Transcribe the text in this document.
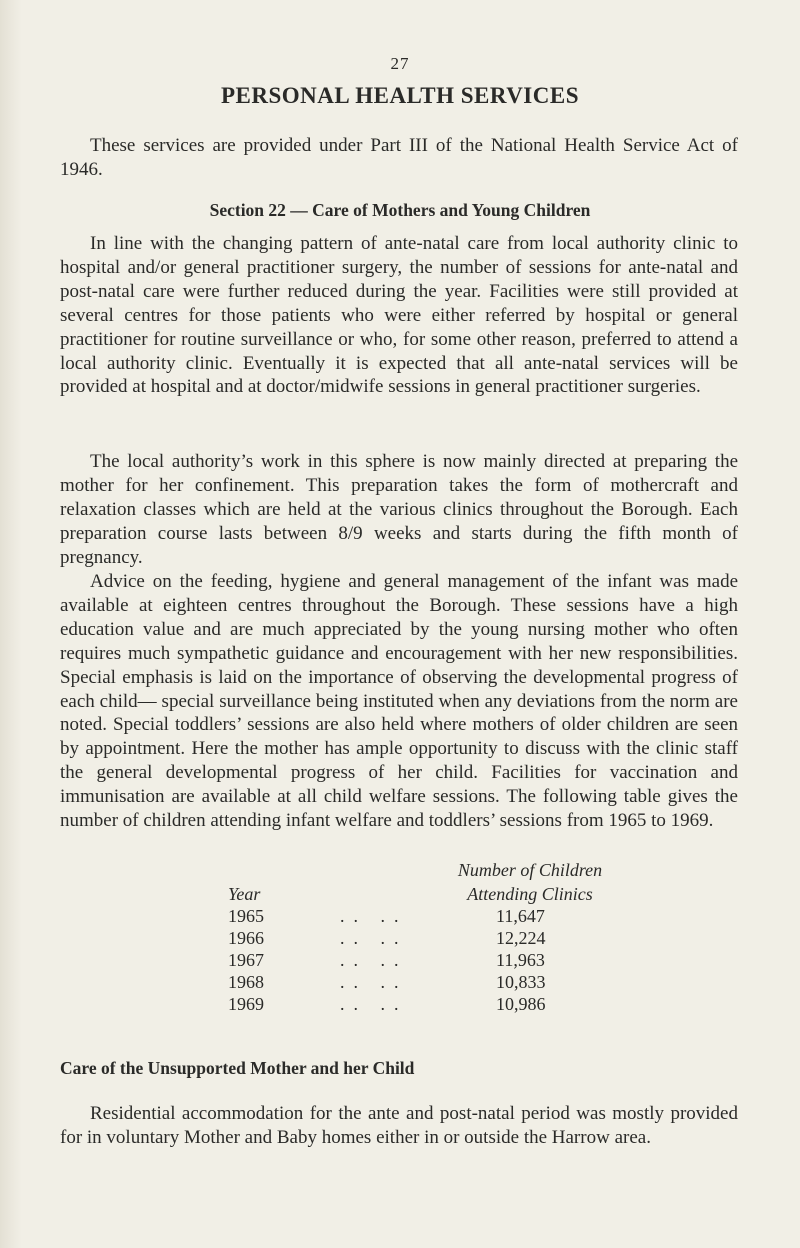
27
PERSONAL HEALTH SERVICES

These services are provided under Part III of the National Health Service Act of 1946.

Section 22 — Care of Mothers and Young Children

In line with the changing pattern of ante-natal care from local authority clinic to hospital and/or general practitioner surgery, the number of sessions for ante-natal and post-natal care were further reduced during the year. Facilities were still provided at several centres for those patients who were either referred by hospital or general practitioner for routine surveillance or who, for some other reason, preferred to attend a local authority clinic. Eventually it is expected that all ante-natal services will be provided at hospital and at doctor/midwife sessions in general practitioner surgeries.

The local authority’s work in this sphere is now mainly directed at preparing the mother for her confinement. This preparation takes the form of mothercraft and relaxation classes which are held at the various clinics throughout the Borough. Each preparation course lasts between 8/9 weeks and starts during the fifth month of pregnancy.

Advice on the feeding, hygiene and general management of the infant was made available at eighteen centres throughout the Borough. These sessions have a high education value and are much appreciated by the young nursing mother who often requires much sympathetic guidance and encouragement with her new responsibilities. Special emphasis is laid on the importance of observing the developmental progress of each child— special surveillance being instituted when any deviations from the norm are noted. Special toddlers’ sessions are also held where mothers of older children are seen by appointment. Here the mother has ample opportunity to discuss with the clinic staff the general developmental progress of her child. Facilities for vaccination and immunisation are available at all child welfare sessions. The following table gives the number of children attending infant welfare and toddlers’ sessions from 1965 to 1969.

Number of Children
Year	Attending Clinics
1965	.. ..	11,647
1966	.. ..	12,224
1967	.. ..	11,963
1968	.. ..	10,833
1969	.. ..	10,986
Care of the Unsupported Mother and her Child

Residential accommodation for the ante and post-natal period was mostly provided for in voluntary Mother and Baby homes either in or outside the Harrow area.
